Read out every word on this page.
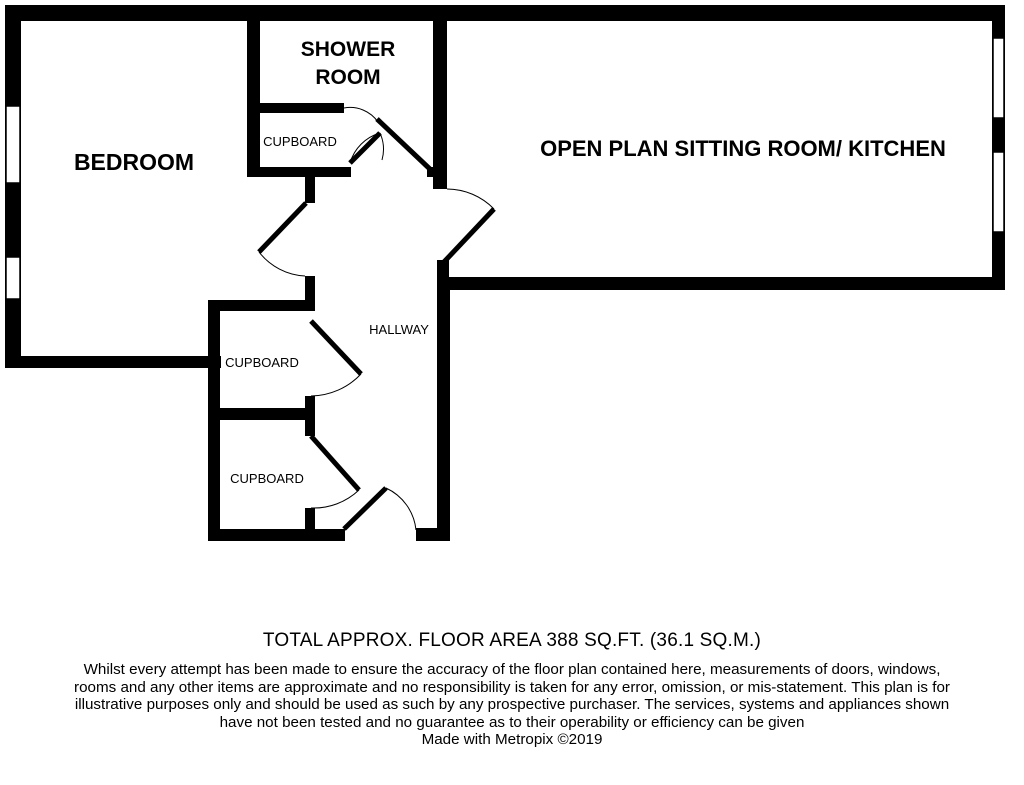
BEDROOM
SHOWER
ROOM
OPEN PLAN SITTING ROOM/ KITCHEN
HALLWAY
CUPBOARD
CUPBOARD
CUPBOARD
TOTAL APPROX. FLOOR AREA 388 SQ.FT. (36.1 SQ.M.)
Whilst every attempt has been made to ensure the accuracy of the floor plan contained here, measurements of doors, windows, rooms and any other items are approximate and no responsibility is taken for any error, omission, or mis-statement. This plan is for illustrative purposes only and should be used as such by any prospective purchaser. The services, systems and appliances shown have not been tested and no guarantee as to their operability or efficiency can be given
Made with Metropix ©2019
